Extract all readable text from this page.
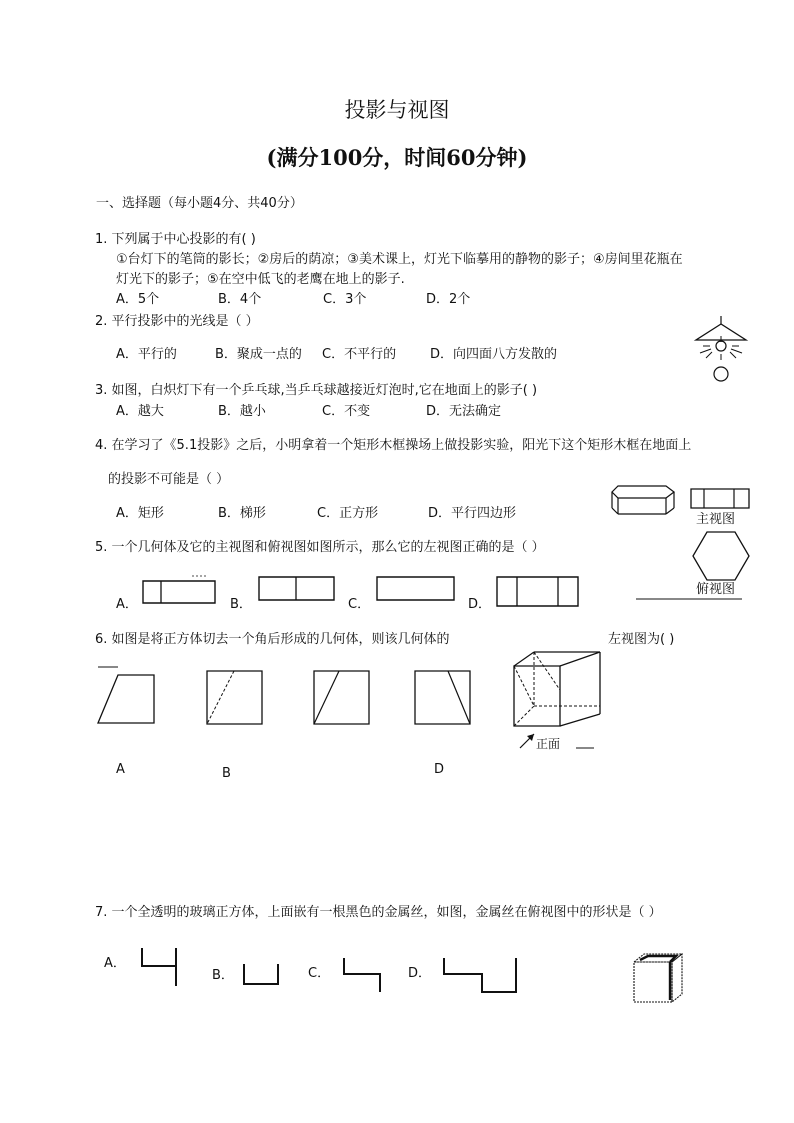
投影与视图
(满分100分，时间60分钟)
一、选择题（每小题4分、共40分）
1. 下列属于中心投影的有( )
①台灯下的笔筒的影长；②房后的荫凉；③美术课上，灯光下临摹用的静物的影子；④房间里花瓶在
灯光下的影子；⑤在空中低飞的老鹰在地上的影子.
A．5个	B．4个	C．3个	D．2个
2. 平行投影中的光线是（ ）
A．平行的	B．聚成一点的 C．不平行的	D．向四面八方发散的
3. 如图，白炽灯下有一个乒乓球,当乒乓球越接近灯泡时,它在地面上的影子( )
A．越大	B．越小	C．不变	D．无法确定
4. 在学习了《5.1投影》之后，小明拿着一个矩形木框操场上做投影实验，阳光下这个矩形木框在地面上
的投影不可能是（ ）
A．矩形	B．梯形	C．正方形	D．平行四边形	主视图
俯视图
5. 一个几何体及它的主视图和俯视图如图所示，那么它的左视图正确的是（ ）
A．	B．	C．	D．
6. 如图是将正方体切去一个角后形成的几何体，则该几何体的	左视图为( )
A	B	D
正面
7. 一个全透明的玻璃正方体，上面嵌有一根黑色的金属丝，如图，金属丝在俯视图中的形状是（ ）
A．
B．	C．	D．
